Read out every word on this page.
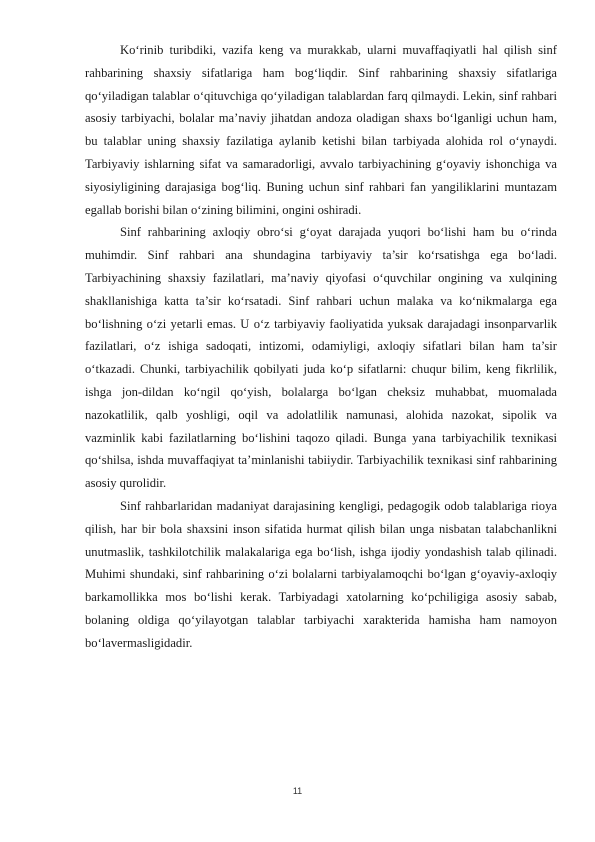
Ko‘rinib turibdiki, vazifa keng va murakkab, ularni muvaffaqiyatli hal qilish sinf rahbarining shaxsiy sifatlariga ham bog‘liqdir. Sinf rahbarining shaxsiy sifatlariga qo‘yiladigan talablar o‘qituvchiga qo‘yiladigan talablardan farq qilmaydi. Lekin, sinf rahbari asosiy tarbiyachi, bolalar ma’naviy jihatdan andoza oladigan shaxs bo‘lganligi uchun ham, bu talablar uning shaxsiy fazilatiga aylanib ketishi bilan tarbiyada alohida rol o‘ynaydi. Tarbiyaviy ishlarning sifat va samaradorligi, avvalo tarbiyachining g‘oyaviy ishonchiga va siyosiyligining darajasiga bog‘liq. Buning uchun sinf rahbari fan yangiliklarini muntazam egallab borishi bilan o‘zining bilimini, ongini oshiradi.

Sinf rahbarining axloqiy obro‘si g‘oyat darajada yuqori bo‘lishi ham bu o‘rinda muhimdir. Sinf rahbari ana shundagina tarbiyaviy ta’sir ko‘rsatishga ega bo‘ladi. Tarbiyachining shaxsiy fazilatlari, ma’naviy qiyofasi o‘quvchilar ongining va xulqining shakllanishiga katta ta’sir ko‘rsatadi. Sinf rahbari uchun malaka va ko‘nikmalarga ega bo‘lishning o‘zi yetarli emas. U o‘z tarbiyaviy faoliyatida yuksak darajadagi insonparvarlik fazilatlari, o‘z ishiga sadoqati, intizomi, odamiyligi, axloqiy sifatlari bilan ham ta’sir o‘tkazadi. Chunki, tarbiyachilik qobilyati juda ko‘p sifatlarni: chuqur bilim, keng fikrlilik, ishga jon-dildan ko‘ngil qo‘yish, bolalarga bo‘lgan cheksiz muhabbat, muomalada nazokatlilik, qalb yoshligi, oqil va adolatlilik namunasi, alohida nazokat, sipolik va vazminlik kabi fazilatlarning bo‘lishini taqozo qiladi. Bunga yana tarbiyachilik texnikasi qo‘shilsa, ishda muvaffaqiyat ta’minlanishi tabiiydir. Tarbiyachilik texnikasi sinf rahbarining asosiy qurolidir.

Sinf rahbarlaridan madaniyat darajasining kengligi, pedagogik odob talablariga rioya qilish, har bir bola shaxsini inson sifatida hurmat qilish bilan unga nisbatan talabchanlikni unutmaslik, tashkilotchilik malakalariga ega bo‘lish, ishga ijodiy yondashish talab qilinadi. Muhimi shundaki, sinf rahbarining o‘zi bolalarni tarbiyalamoqchi bo‘lgan g‘oyaviy-axloqiy barkamollikka mos bo‘lishi kerak. Tarbiyadagi xatolarning ko‘pchiligiga asosiy sabab, bolaning oldiga qo‘yilayotgan talablar tarbiyachi xarakterida hamisha ham namoyon bo‘lavermasligidadir.

11
